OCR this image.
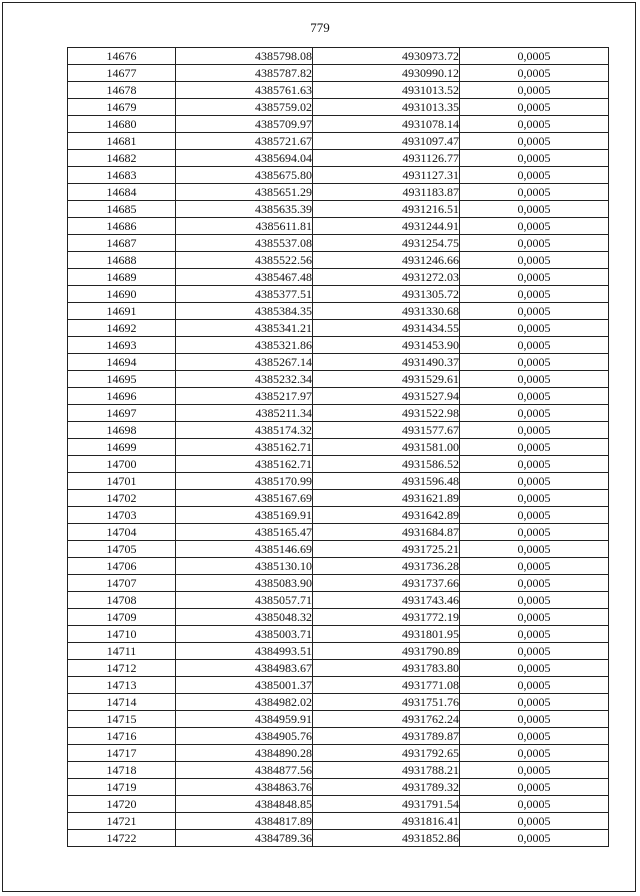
779
14676	4385798.08	4930973.72	0,0005
14677	4385787.82	4930990.12	0,0005
14678	4385761.63	4931013.52	0,0005
14679	4385759.02	4931013.35	0,0005
14680	4385709.97	4931078.14	0,0005
14681	4385721.67	4931097.47	0,0005
14682	4385694.04	4931126.77	0,0005
14683	4385675.80	4931127.31	0,0005
14684	4385651.29	4931183.87	0,0005
14685	4385635.39	4931216.51	0,0005
14686	4385611.81	4931244.91	0,0005
14687	4385537.08	4931254.75	0,0005
14688	4385522.56	4931246.66	0,0005
14689	4385467.48	4931272.03	0,0005
14690	4385377.51	4931305.72	0,0005
14691	4385384.35	4931330.68	0,0005
14692	4385341.21	4931434.55	0,0005
14693	4385321.86	4931453.90	0,0005
14694	4385267.14	4931490.37	0,0005
14695	4385232.34	4931529.61	0,0005
14696	4385217.97	4931527.94	0,0005
14697	4385211.34	4931522.98	0,0005
14698	4385174.32	4931577.67	0,0005
14699	4385162.71	4931581.00	0,0005
14700	4385162.71	4931586.52	0,0005
14701	4385170.99	4931596.48	0,0005
14702	4385167.69	4931621.89	0,0005
14703	4385169.91	4931642.89	0,0005
14704	4385165.47	4931684.87	0,0005
14705	4385146.69	4931725.21	0,0005
14706	4385130.10	4931736.28	0,0005
14707	4385083.90	4931737.66	0,0005
14708	4385057.71	4931743.46	0,0005
14709	4385048.32	4931772.19	0,0005
14710	4385003.71	4931801.95	0,0005
14711	4384993.51	4931790.89	0,0005
14712	4384983.67	4931783.80	0,0005
14713	4385001.37	4931771.08	0,0005
14714	4384982.02	4931751.76	0,0005
14715	4384959.91	4931762.24	0,0005
14716	4384905.76	4931789.87	0,0005
14717	4384890.28	4931792.65	0,0005
14718	4384877.56	4931788.21	0,0005
14719	4384863.76	4931789.32	0,0005
14720	4384848.85	4931791.54	0,0005
14721	4384817.89	4931816.41	0,0005
14722	4384789.36	4931852.86	0,0005
